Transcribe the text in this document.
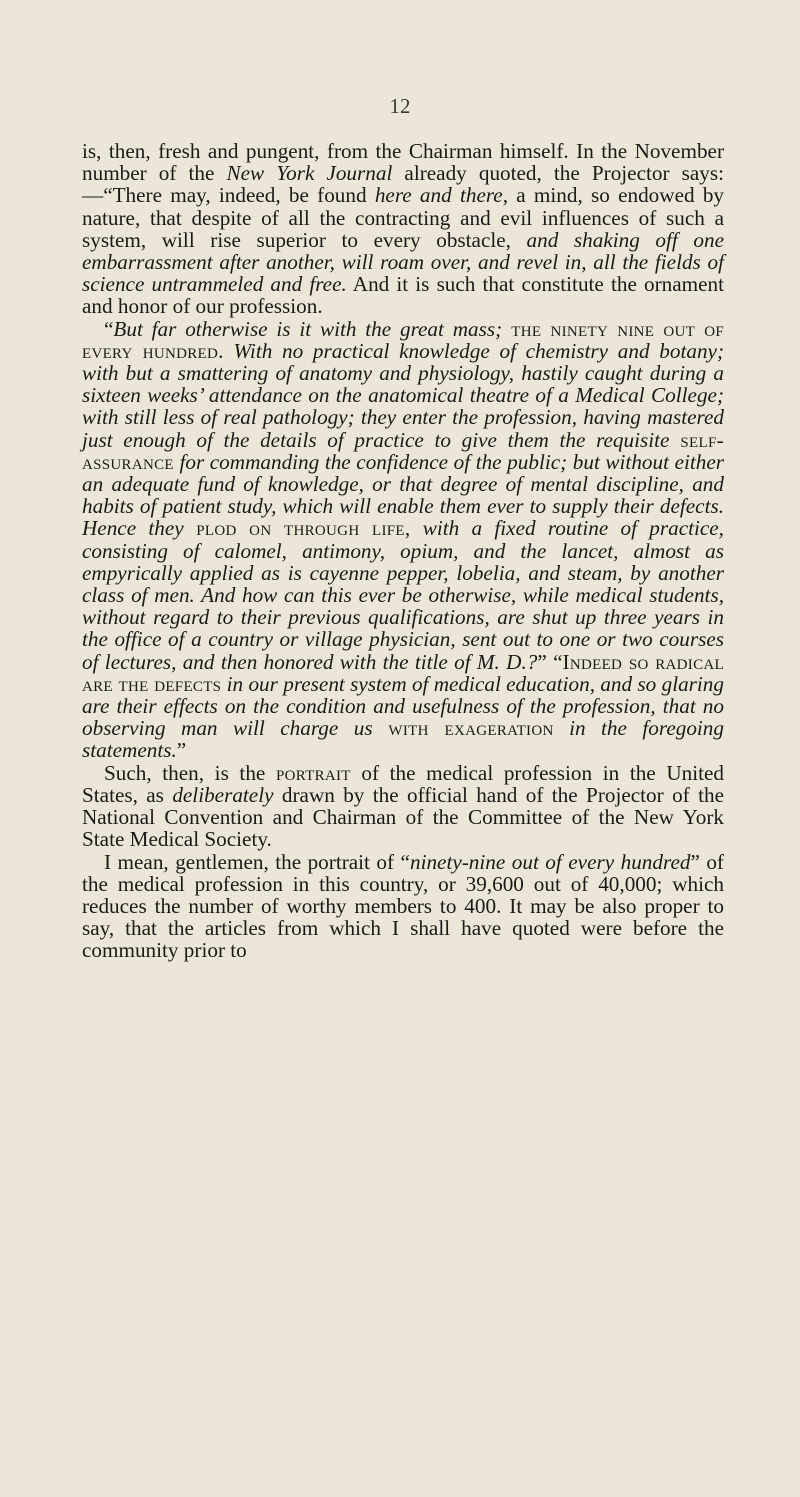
12

is, then, fresh and pungent, from the Chairman himself. In the November number of the New York Journal already quoted, the Projector says:—“There may, indeed, be found here and there, a mind, so endowed by nature, that despite of all the contracting and evil influences of such a system, will rise superior to every obstacle, and shaking off one embarrassment after another, will roam over, and revel in, all the fields of science untrammeled and free. And it is such that constitute the ornament and honor of our profession.

“But far otherwise is it with the great mass; the ninety nine out of every hundred. With no practical knowledge of chemistry and botany; with but a smattering of anatomy and physiology, hastily caught during a sixteen weeks’ attendance on the anatomical theatre of a Medical College; with still less of real pathology; they enter the profession, having mastered just enough of the details of practice to give them the requisite self-assurance for commanding the confidence of the public; but without either an adequate fund of knowledge, or that degree of mental discipline, and habits of patient study, which will enable them ever to supply their defects. Hence they plod on through life, with a fixed routine of practice, consisting of calomel, antimony, opium, and the lancet, almost as empyrically applied as is cayenne pepper, lobelia, and steam, by another class of men. And how can this ever be otherwise, while medical students, without regard to their previous qualifications, are shut up three years in the office of a country or village physician, sent out to one or two courses of lectures, and then honored with the title of M. D.?” “Indeed so radical are the defects in our present system of medical education, and so glaring are their effects on the condition and usefulness of the profession, that no observing man will charge us with exageration in the foregoing statements.”

Such, then, is the portrait of the medical profession in the United States, as deliberately drawn by the official hand of the Projector of the National Convention and Chairman of the Committee of the New York State Medical Society.

I mean, gentlemen, the portrait of “ninety-nine out of every hundred” of the medical profession in this country, or 39,600 out of 40,000; which reduces the number of worthy members to 400. It may be also proper to say, that the articles from which I shall have quoted were before the community prior to
